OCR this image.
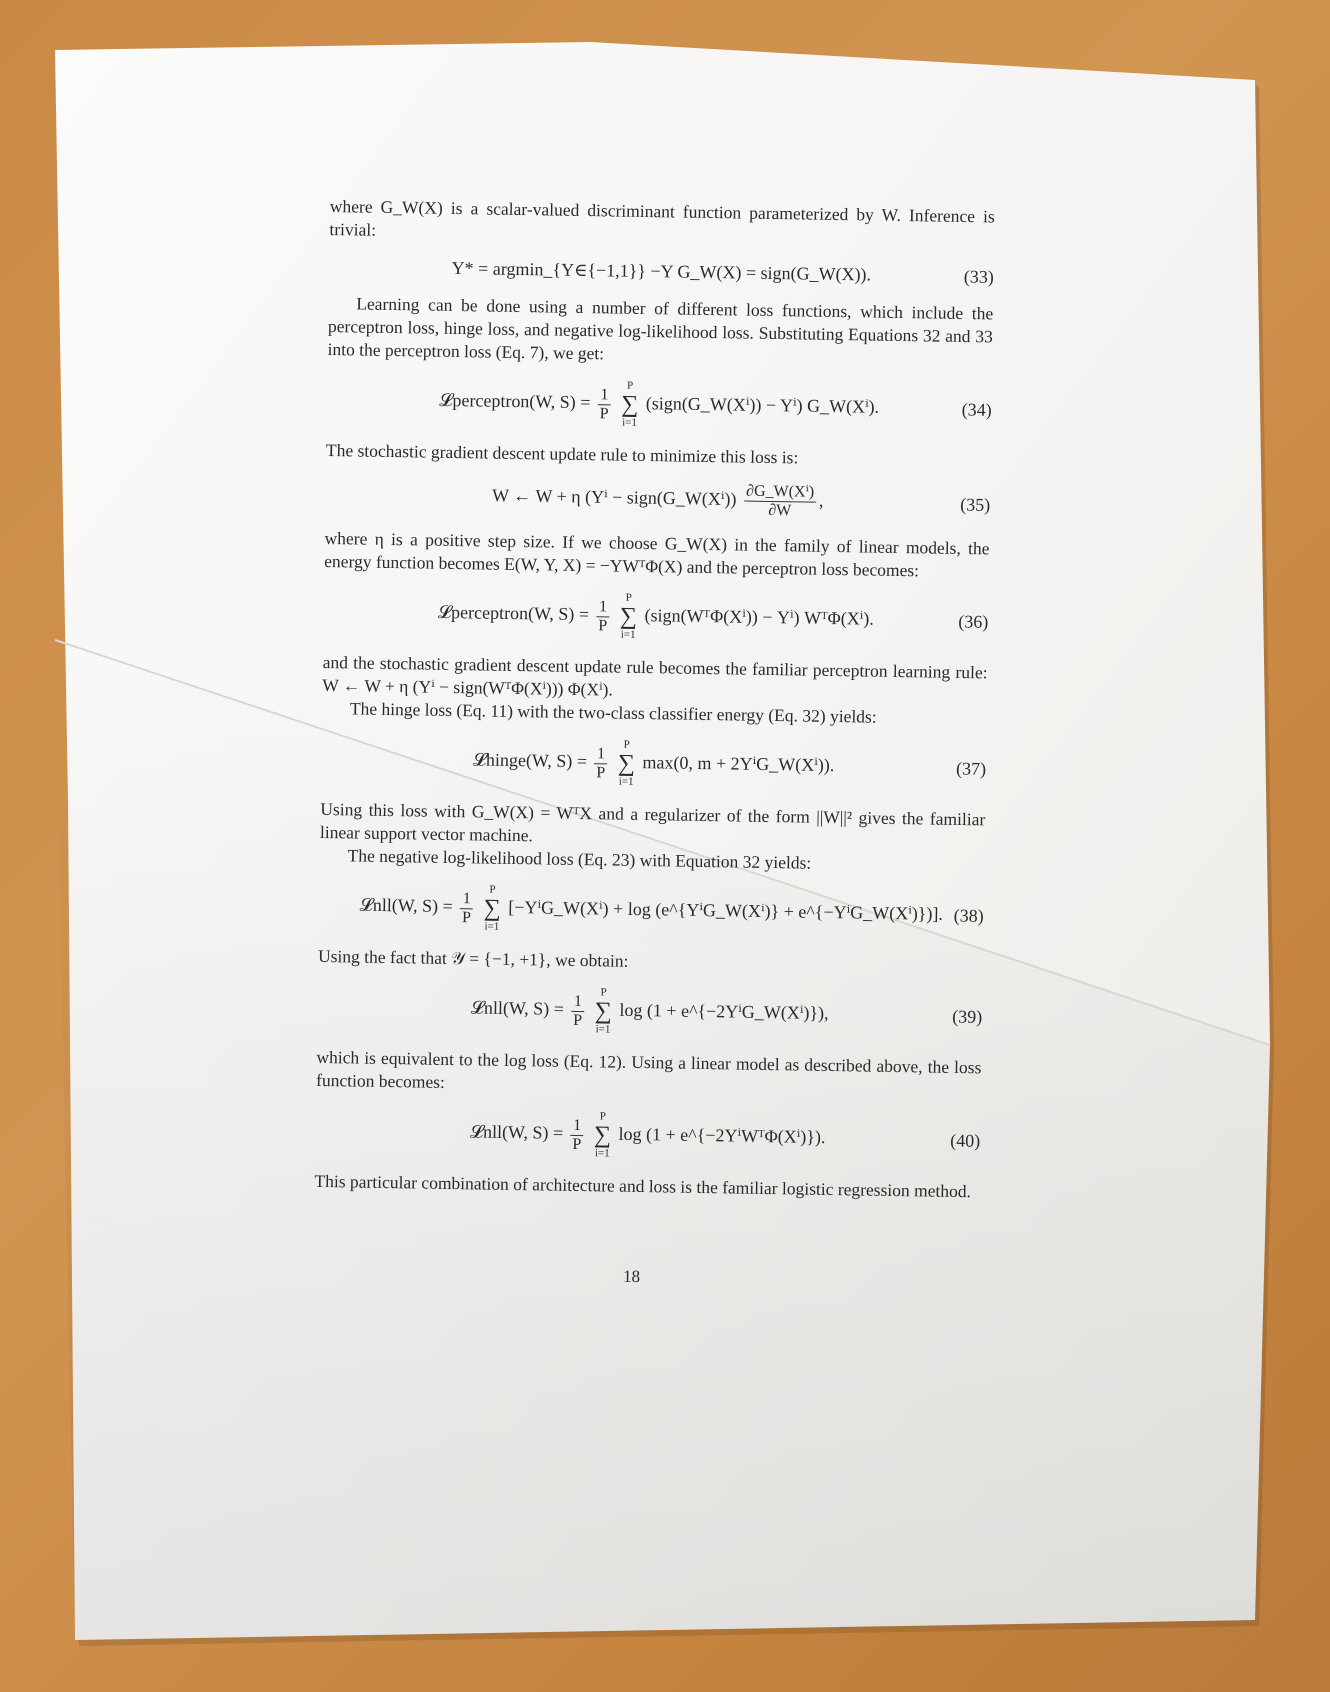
where G_W(X) is a scalar-valued discriminant function parameterized by W. Inference is trivial:

Y* = argmin_{Y∈{−1,1}} −Y G_W(X) = sign(G_W(X)).	(33)

Learning can be done using a number of different loss functions, which include the perceptron loss, hinge loss, and negative log-likelihood loss. Substituting Equations 32 and 33 into the perceptron loss (Eq. 7), we get:

𝓛perceptron(W, $S) = \frac{1}{P}$
	P
∑
i=1
(sign(G_W(Xⁱ)) − Yⁱ) G_W(Xⁱ).	(34)

The stochastic gradient descent update rule to minimize this loss is:

W ← W + η (Yⁱ − sign(G_W(Xⁱ)) $\frac{\text{∂G\_W(Xⁱ)}}{\partial W}$ ,	(35)

where η is a positive step size. If we choose G_W(X) in the family of linear models, the energy function becomes E(W, Y, X) = −YWᵀΦ(X) and the perceptron loss becomes:

𝓛perceptron(W, $S) = \frac{1}{P}$
	P
∑
i=1
(sign(WᵀΦ(Xⁱ)) − Yⁱ) WᵀΦ(Xⁱ).	(36)

and the stochastic gradient descent update rule becomes the familiar perceptron learning rule: W ← W + η (Yⁱ − sign(WᵀΦ(Xⁱ))) Φ(Xⁱ).

The hinge loss (Eq. 11) with the two-class classifier energy (Eq. 32) yields:

𝓛hinge(W, $S) = \frac{1}{P}$
	P
∑
i=1
max(0, m + 2YⁱG_W(Xⁱ)).	(37)

Using this loss with G_W(X) = WᵀX and a regularizer of the form ||W||² gives the familiar linear support vector machine.

The negative log-likelihood loss (Eq. 23) with Equation 32 yields:

𝓛nll(W, $S) = \frac{1}{P}$
	P
∑
i=1
[−YⁱG_W(Xⁱ) + log (e^{YⁱG_W(Xⁱ)} + e^{−YⁱG_W(Xⁱ)})]. (38)

Using the fact that 𝒴 = {−1, +1}, we obtain:

𝓛nll(W, $S) = \frac{1}{P}$
	P
∑
i=1
log (1 + e^{−2YⁱG_W(Xⁱ)}),	(39)

which is equivalent to the log loss (Eq. 12). Using a linear model as described above, the loss function becomes:

𝓛nll(W, $S) = \frac{1}{P}$
	P
∑
i=1
log (1 + e^{−2YⁱWᵀΦ(Xⁱ)}).	(40)

This particular combination of architecture and loss is the familiar logistic regression method.

18
